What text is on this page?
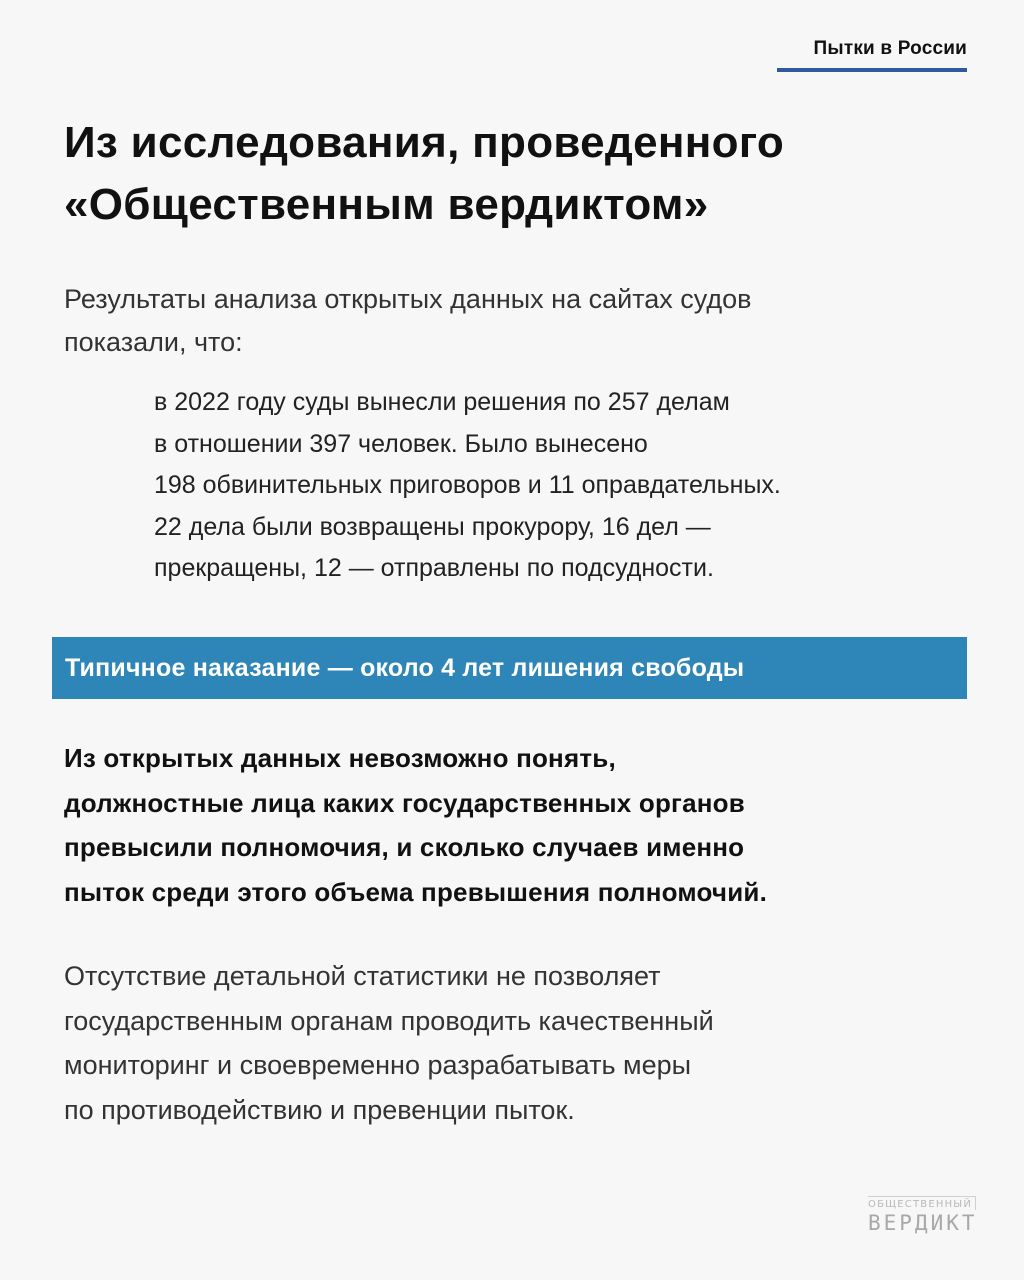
Пытки в России
Из исследования, проведенного
«Общественным вердиктом»
Результаты анализа открытых данных на сайтах судов
показали, что:
в 2022 году суды вынесли решения по 257 делам
в отношении 397 человек. Было вынесено
198 обвинительных приговоров и 11 оправдательных.
22 дела были возвращены прокурору, 16 дел —
прекращены, 12 — отправлены по подсудности.
Типичное наказание — около 4 лет лишения свободы
Из открытых данных невозможно понять,
должностные лица каких государственных органов
превысили полномочия, и сколько случаев именно
пыток среди этого объема превышения полномочий.
Отсутствие детальной статистики не позволяет
государственным органам проводить качественный
мониторинг и своевременно разрабатывать меры
по противодействию и превенции пыток.
ОБЩЕСТВЕННЫЙ
ВЕРДИКТ
